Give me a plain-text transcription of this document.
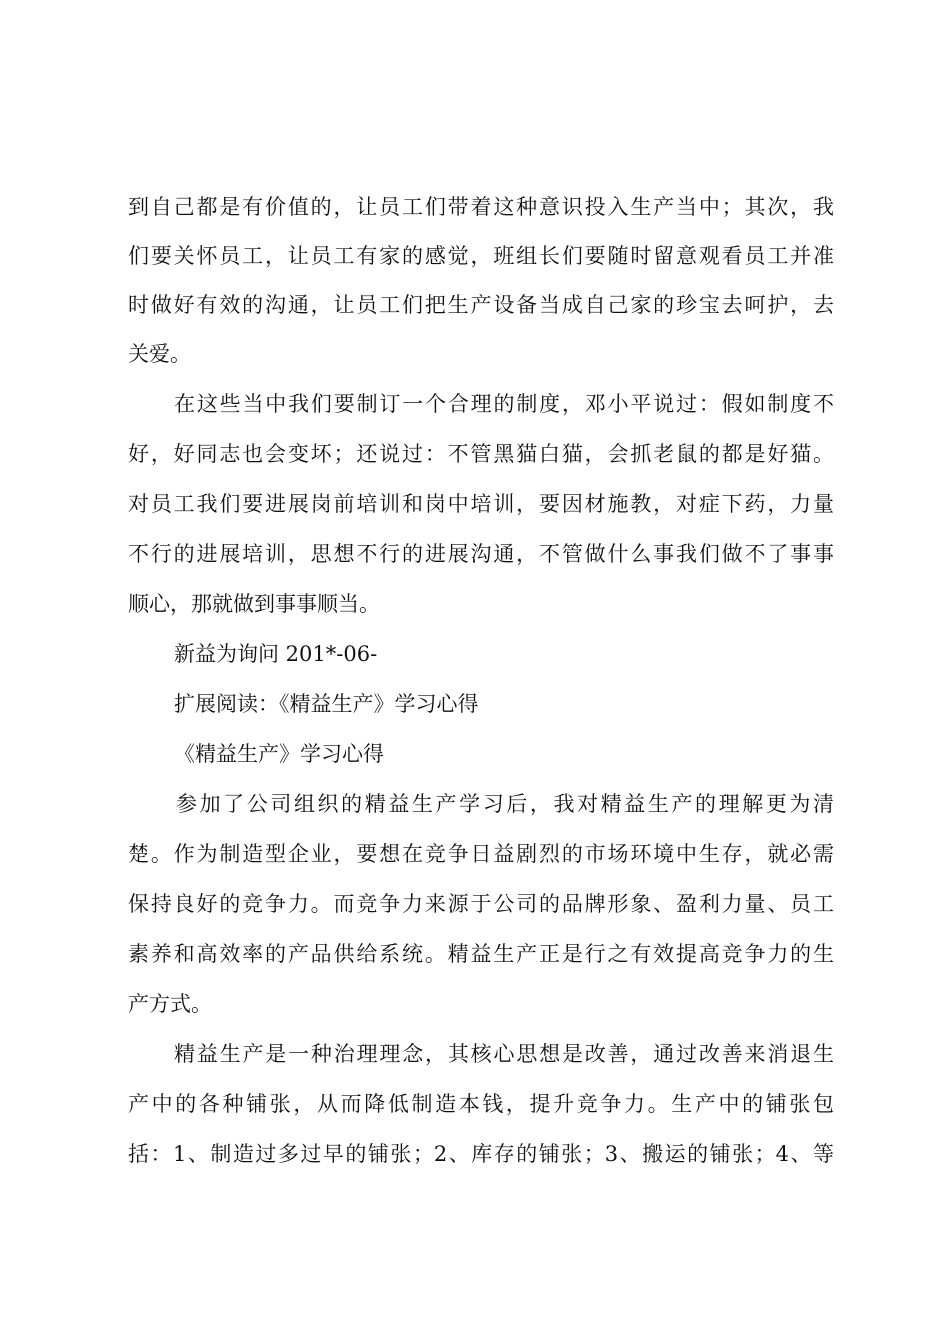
到自己都是有价值的，让员工们带着这种意识投入生产当中；其次，我
们要关怀员工，让员工有家的感觉，班组长们要随时留意观看员工并准
时做好有效的沟通，让员工们把生产设备当成自己家的珍宝去呵护，去
关爱。
在这些当中我们要制订一个合理的制度，邓小平说过：假如制度不
好，好同志也会变坏；还说过：不管黑猫白猫，会抓老鼠的都是好猫。
对员工我们要进展岗前培训和岗中培训，要因材施教，对症下药，力量
不行的进展培训，思想不行的进展沟通，不管做什么事我们做不了事事
顺心，那就做到事事顺当。
新益为询问 201*-06-
扩展阅读：《精益生产》学习心得
《精益生产》学习心得
参加了公司组织的精益生产学习后，我对精益生产的理解更为清
楚。作为制造型企业，要想在竞争日益剧烈的市场环境中生存，就必需
保持良好的竞争力。而竞争力来源于公司的品牌形象、盈利力量、员工
素养和高效率的产品供给系统。精益生产正是行之有效提高竞争力的生
产方式。
精益生产是一种治理理念，其核心思想是改善，通过改善来消退生
产中的各种铺张，从而降低制造本钱，提升竞争力。生产中的铺张包
括：1、制造过多过早的铺张；2、库存的铺张；3、搬运的铺张；4、等
